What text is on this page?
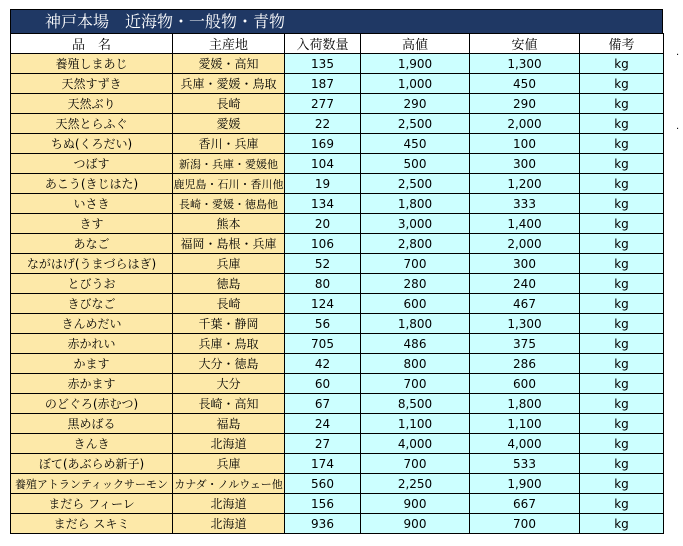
神戸本場　近海物・一般物・青物
品　名	主産地	入荷数量	高値	安値	備考
養殖しまあじ	愛媛・高知	135	1,900	1,300	kg
天然すずき	兵庫・愛媛・鳥取	187	1,000	450	kg
天然ぶり	長崎	277	290	290	kg
天然とらふぐ	愛媛	22	2,500	2,000	kg
ちぬ(くろだい)	香川・兵庫	169	450	100	kg
つばす	新潟・兵庫・愛媛他	104	500	300	kg
あこう(きじはた)	鹿児島・石川・香川他	19	2,500	1,200	kg
いさき	長崎・愛媛・徳島他	134	1,800	333	kg
きす	熊本	20	3,000	1,400	kg
あなご	福岡・島根・兵庫	106	2,800	2,000	kg
ながはげ(うまづらはぎ)	兵庫	52	700	300	kg
とびうお	徳島	80	280	240	kg
きびなご	長崎	124	600	467	kg
きんめだい	千葉・静岡	56	1,800	1,300	kg
赤かれい	兵庫・鳥取	705	486	375	kg
かます	大分・徳島	42	800	286	kg
赤かます	大分	60	700	600	kg
のどぐろ(赤むつ)	長崎・高知	67	8,500	1,800	kg
黒めばる	福島	24	1,100	1,100	kg
きんき	北海道	27	4,000	4,000	kg
ぼて(あぶらめ新子)	兵庫	174	700	533	kg
養殖アトランティックサーモン	カナダ・ノルウェー他	560	2,250	1,900	kg
まだら フィーレ	北海道	156	900	667	kg
まだら スキミ	北海道	936	900	700	kg
·
·
